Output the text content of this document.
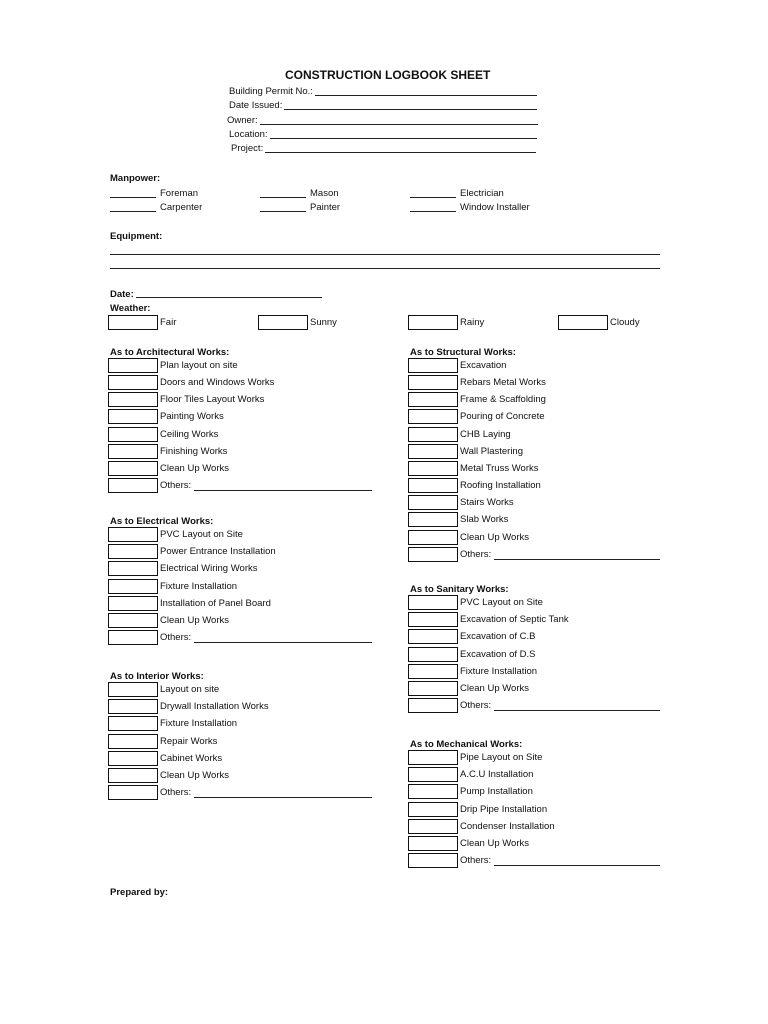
CONSTRUCTION LOGBOOK SHEET
Building Permit No.:
Date Issued:
Owner:
Location:
Project:
Manpower:
Foreman	Mason	Electrician
Carpenter	Painter	Window Installer
Equipment:
Date:
Weather:
Fair	Sunny	Rainy	Cloudy
As to Architectural Works:
Plan layout on site
Doors and Windows Works
Floor Tiles Layout Works
Painting Works
Ceiling Works
Finishing Works
Clean Up Works
Others:
As to Electrical Works:
PVC Layout on Site
Power Entrance Installation
Electrical Wiring Works
Fixture Installation
Installation of Panel Board
Clean Up Works
Others:
As to Interior Works:
Layout on site
Drywall Installation Works
Fixture Installation
Repair Works
Cabinet Works
Clean Up Works
Others:
As to Structural Works:
Excavation
Rebars Metal Works
Frame & Scaffolding
Pouring of Concrete
CHB Laying
Wall Plastering
Metal Truss Works
Roofing Installation
Stairs Works
Slab Works
Clean Up Works
Others:
As to Sanitary Works:
PVC Layout on Site
Excavation of Septic Tank
Excavation of C.B
Excavation of D.S
Fixture Installation
Clean Up Works
Others:
As to Mechanical Works:
Pipe Layout on Site
A.C.U Installation
Pump Installation
Drip Pipe Installation
Condenser Installation
Clean Up Works
Others:
Prepared by:
